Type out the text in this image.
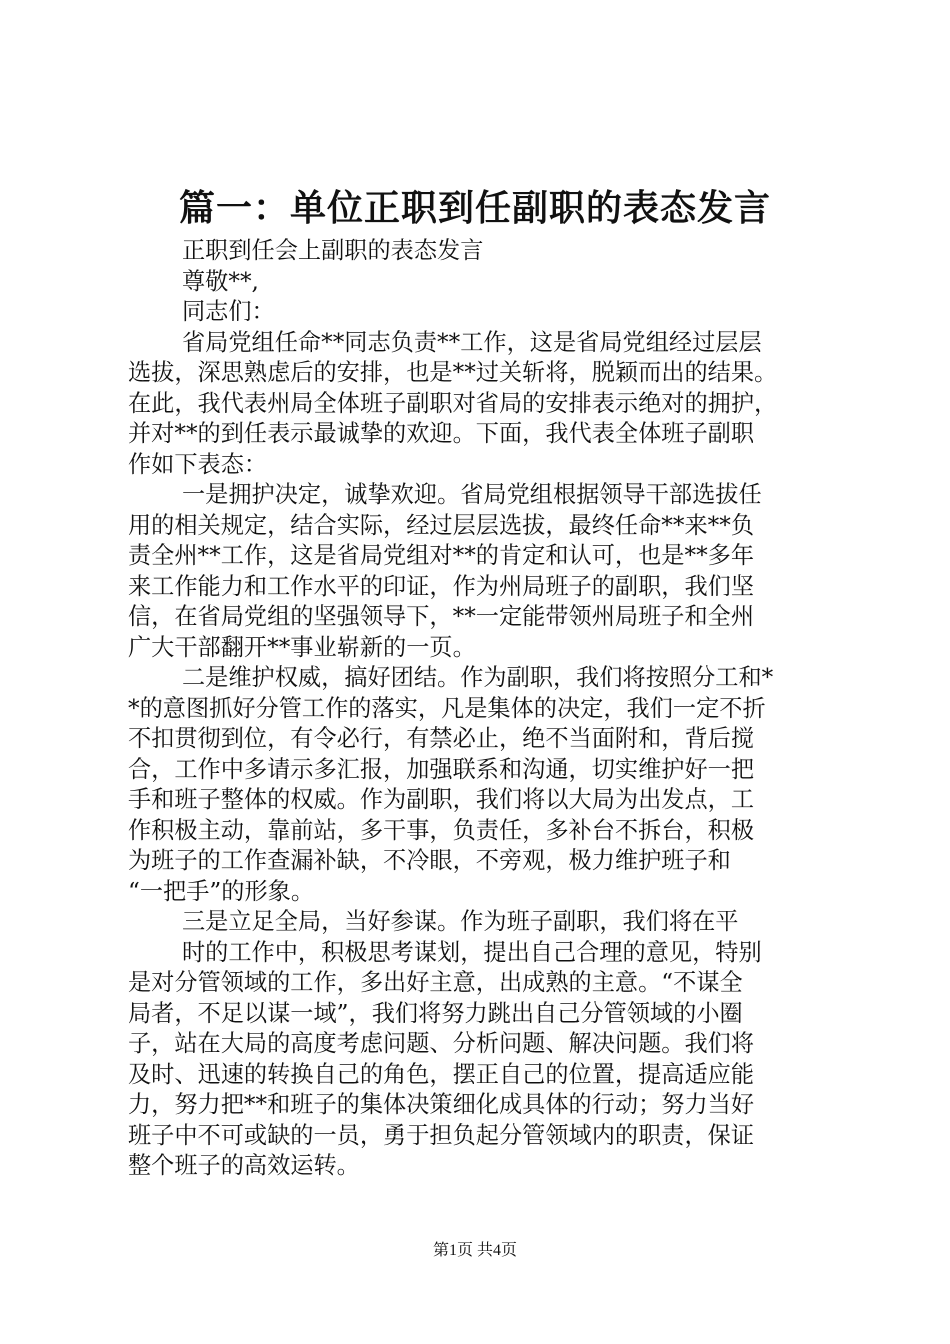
篇一：单位正职到任副职的表态发言
正职到任会上副职的表态发言
尊敬**,
同志们：
省局党组任命**同志负责**工作，这是省局党组经过层层
选拔，深思熟虑后的安排，也是**过关斩将，脱颖而出的结果。
在此，我代表州局全体班子副职对省局的安排表示绝对的拥护，
并对**的到任表示最诚挚的欢迎。下面，我代表全体班子副职
作如下表态：
一是拥护决定，诚挚欢迎。省局党组根据领导干部选拔任
用的相关规定，结合实际，经过层层选拔，最终任命**来**负
责全州**工作，这是省局党组对**的肯定和认可，也是**多年
来工作能力和工作水平的印证，作为州局班子的副职，我们坚
信，在省局党组的坚强领导下，**一定能带领州局班子和全州
广大干部翻开**事业崭新的一页。
二是维护权威，搞好团结。作为副职，我们将按照分工和*
*的意图抓好分管工作的落实，凡是集体的决定，我们一定不折
不扣贯彻到位，有令必行，有禁必止，绝不当面附和，背后搅
合，工作中多请示多汇报，加强联系和沟通，切实维护好一把
手和班子整体的权威。作为副职，我们将以大局为出发点，工
作积极主动，靠前站，多干事，负责任，多补台不拆台，积极
为班子的工作查漏补缺，不冷眼，不旁观，极力维护班子和
“一把手”的形象。
三是立足全局，当好参谋。作为班子副职，我们将在平
时的工作中，积极思考谋划，提出自己合理的意见，特别
是对分管领域的工作，多出好主意，出成熟的主意。“不谋全
局者，不足以谋一域”，我们将努力跳出自己分管领域的小圈
子，站在大局的高度考虑问题、分析问题、解决问题。我们将
及时、迅速的转换自己的角色，摆正自己的位置，提高适应能
力，努力把**和班子的集体决策细化成具体的行动；努力当好
班子中不可或缺的一员，勇于担负起分管领域内的职责，保证
整个班子的高效运转。
第1页 共4页
